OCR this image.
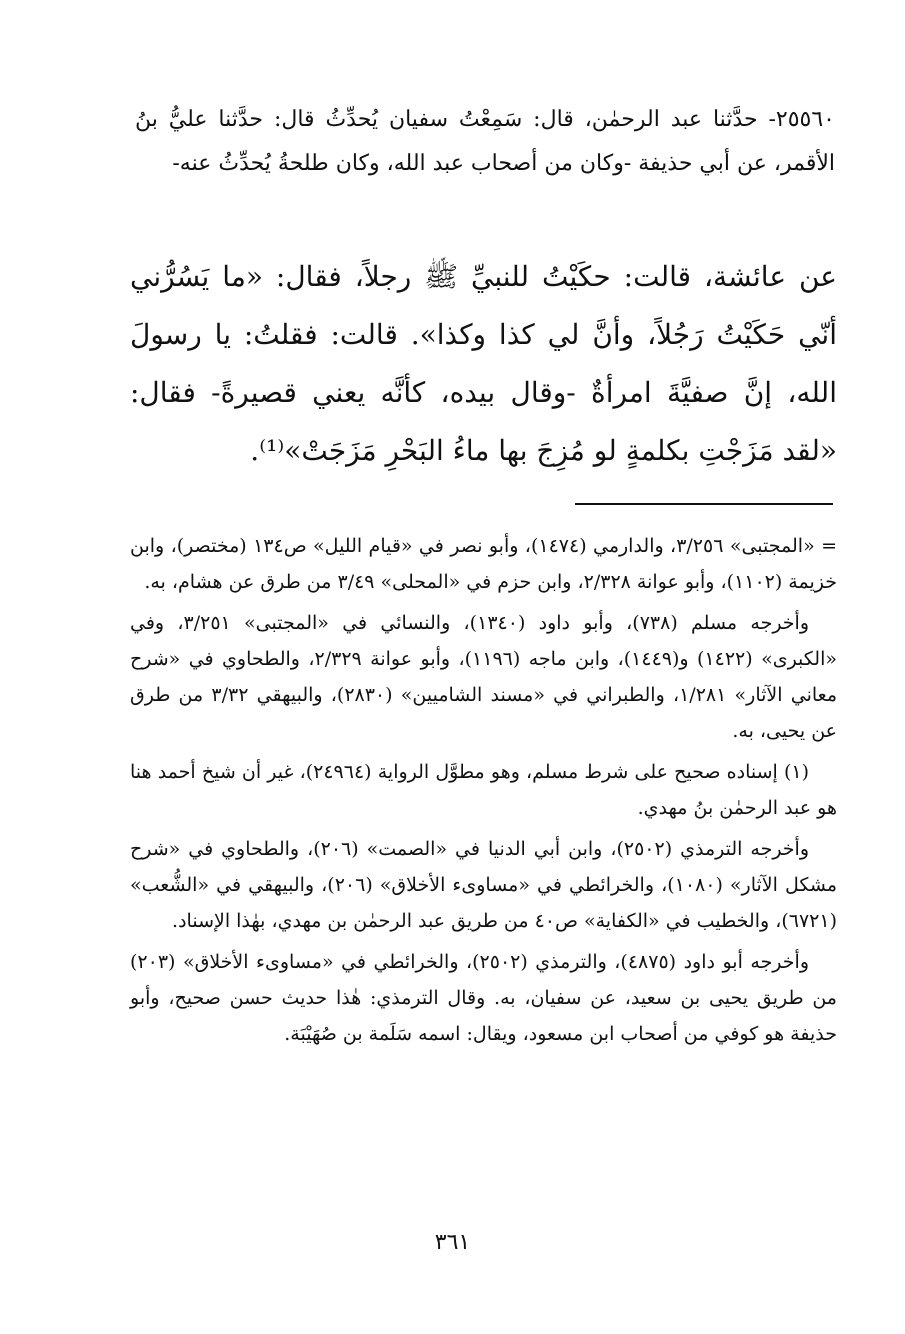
٢٥٥٦٠- حدَّثنا عبد الرحمٰن، قال: سَمِعْتُ سفيان يُحدِّثُ قال: حدَّثنا عليُّ بنُ الأقمر، عن أبي حذيفة -وكان من أصحاب عبد الله، وكان طلحةُ يُحدِّثُ عنه-
عن عائشة، قالت: حكَيْتُ للنبيِّ ﷺ رجلاً، فقال: «ما يَسُرُّني أنّي حَكَيْتُ رَجُلاً، وأنَّ لي كذا وكذا». قالت: فقلتُ: يا رسولَ الله، إنَّ صفيَّةَ امرأةٌ -وقال بيده، كأنَّه يعني قصيرةً- فقال: «لقد مَزَجْتِ بكلمةٍ لو مُزِجَ بها ماءُ البَحْرِ مَزَجَتْ»⁽¹⁾.

= «المجتبى» ٣/٢٥٦، والدارمي (١٤٧٤)، وأبو نصر في «قيام الليل» ص١٣٤ (مختصر)، وابن خزيمة (١١٠٢)، وأبو عوانة ٢/٣٢٨، وابن حزم في «المحلى» ٣/٤٩ من طرق عن هشام، به.

وأخرجه مسلم (٧٣٨)، وأبو داود (١٣٤٠)، والنسائي في «المجتبى» ٣/٢٥١، وفي «الكبرى» (١٤٢٢) و(١٤٤٩)، وابن ماجه (١١٩٦)، وأبو عوانة ٢/٣٢٩، والطحاوي في «شرح معاني الآثار» ١/٢٨١، والطبراني في «مسند الشاميين» (٢٨٣٠)، والبيهقي ٣/٣٢ من طرق عن يحيى، به.

(١) إسناده صحيح على شرط مسلم، وهو مطوَّل الرواية (٢٤٩٦٤)، غير أن شيخ أحمد هنا هو عبد الرحمٰن بنُ مهدي.

وأخرجه الترمذي (٢٥٠٢)، وابن أبي الدنيا في «الصمت» (٢٠٦)، والطحاوي في «شرح مشكل الآثار» (١٠٨٠)، والخرائطي في «مساوىء الأخلاق» (٢٠٦)، والبيهقي في «الشُّعب» (٦٧٢١)، والخطيب في «الكفاية» ص٤٠ من طريق عبد الرحمٰن بن مهدي، بهٰذا الإسناد.

وأخرجه أبو داود (٤٨٧٥)، والترمذي (٢٥٠٢)، والخرائطي في «مساوىء الأخلاق» (٢٠٣) من طريق يحيى بن سعيد، عن سفيان، به. وقال الترمذي: هٰذا حديث حسن صحيح، وأبو حذيفة هو كوفي من أصحاب ابن مسعود، ويقال: اسمه سَلَمة بن صُهَيْبَة.

٣٦١
